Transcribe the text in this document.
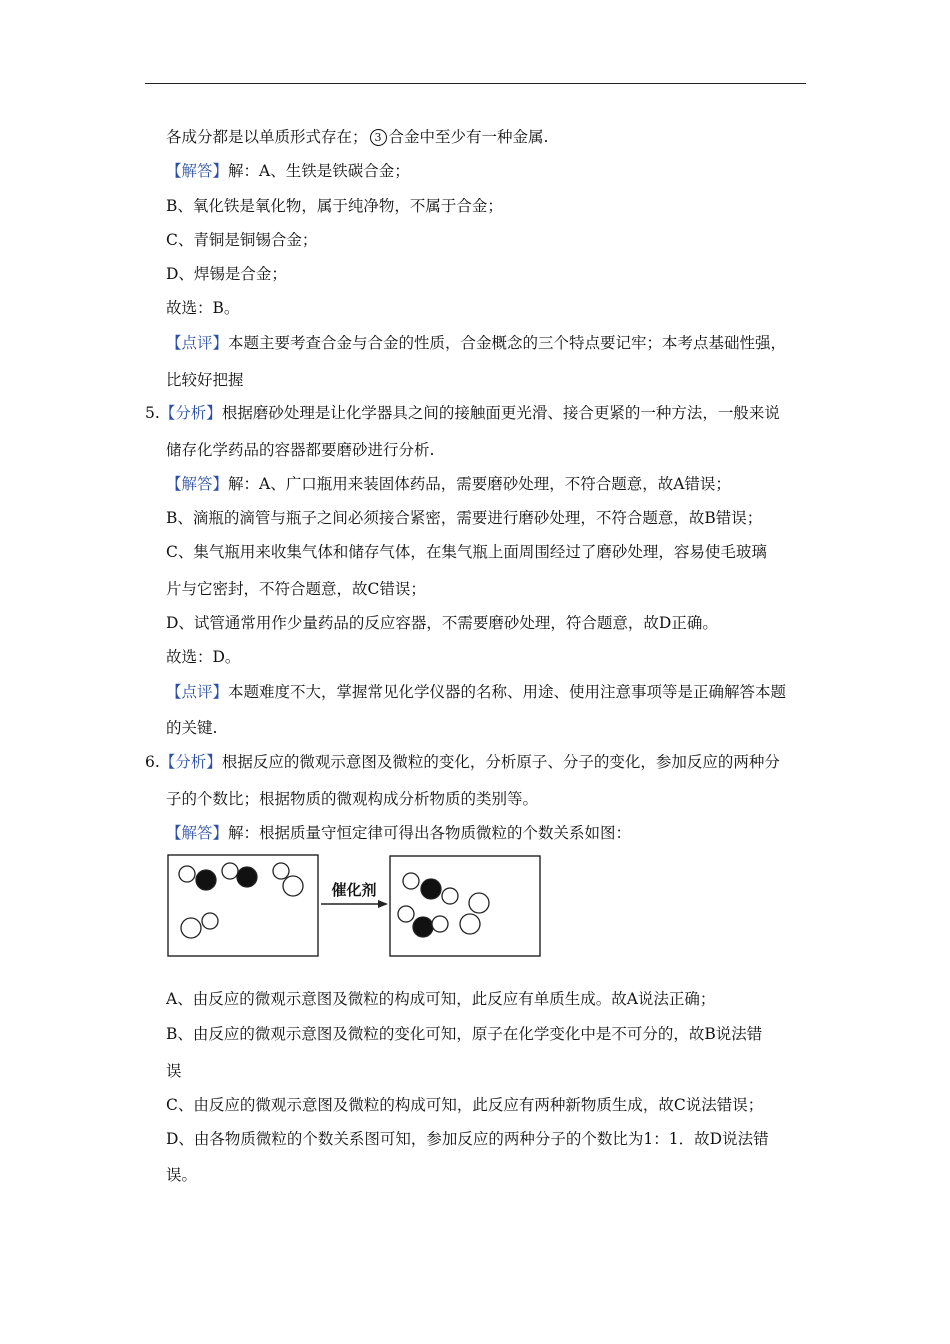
各成分都是以单质形式存在； 3 合金中至少有一种金属.
【解答】解：A、生铁是铁碳合金；
B、氧化铁是氧化物，属于纯净物，不属于合金；
C、青铜是铜锡合金；
D、焊锡是合金；
故选：B。
【点评】本题主要考查合金与合金的性质，合金概念的三个特点要记牢；本考点基础性强，
比较好把握
5.【分析】根据磨砂处理是让化学器具之间的接触面更光滑、接合更紧的一种方法，一般来说
储存化学药品的容器都要磨砂进行分析.
【解答】解：A、广口瓶用来装固体药品，需要磨砂处理，不符合题意，故A错误；
B、滴瓶的滴管与瓶子之间必须接合紧密，需要进行磨砂处理，不符合题意，故B错误；
C、集气瓶用来收集气体和储存气体，在集气瓶上面周围经过了磨砂处理，容易使毛玻璃
片与它密封，不符合题意，故C错误；
D、试管通常用作少量药品的反应容器，不需要磨砂处理，符合题意，故D正确。
故选：D。
【点评】本题难度不大，掌握常见化学仪器的名称、用途、使用注意事项等是正确解答本题
的关键.
6.【分析】根据反应的微观示意图及微粒的变化，分析原子、分子的变化，参加反应的两种分
子的个数比；根据物质的微观构成分析物质的类别等。
【解答】解：根据质量守恒定律可得出各物质微粒的个数关系如图：
催化剂
A、由反应的微观示意图及微粒的构成可知，此反应有单质生成。故A说法正确；
B、由反应的微观示意图及微粒的变化可知，原子在化学变化中是不可分的，故B说法错
误
C、由反应的微观示意图及微粒的构成可知，此反应有两种新物质生成，故C说法错误；
D、由各物质微粒的个数关系图可知，参加反应的两种分子的个数比为1：1．故D说法错
误。
